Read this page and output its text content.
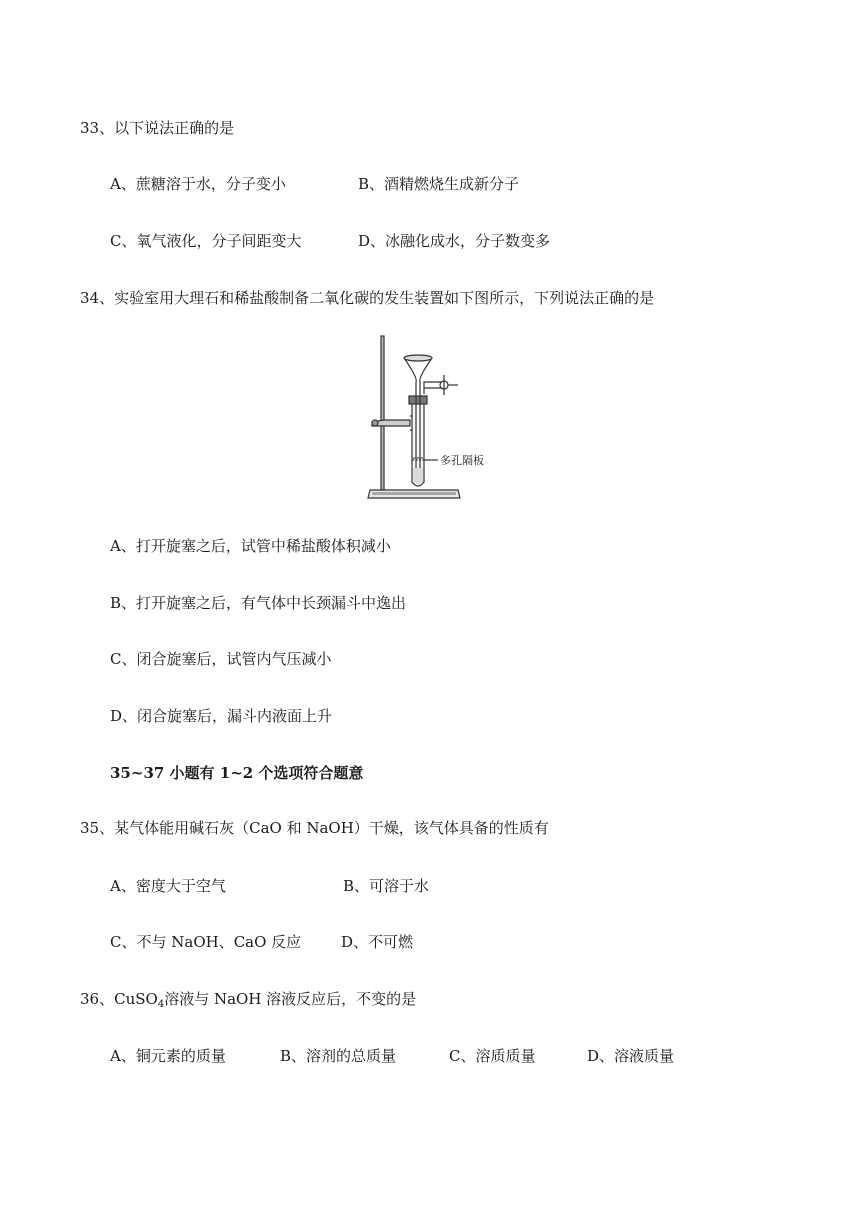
33、以下说法正确的是
A、蔗糖溶于水，分子变小	B、酒精燃烧生成新分子
C、氧气液化，分子间距变大	D、冰融化成水，分子数变多
34、实验室用大理石和稀盐酸制备二氧化碳的发生装置如下图所示，下列说法正确的是
多孔隔板
A、打开旋塞之后，试管中稀盐酸体积减小
B、打开旋塞之后，有气体中长颈漏斗中逸出
C、闭合旋塞后，试管内气压减小
D、闭合旋塞后，漏斗内液面上升
35~37 小题有 1~2 个选项符合题意
35、某气体能用碱石灰（CaO 和 NaOH）干燥，该气体具备的性质有
A、密度大于空气	B、可溶于水
C、不与 NaOH、CaO 反应	D、不可燃
36、CuSO$_4$溶液与 NaOH 溶液反应后，不变的是
A、铜元素的质量	B、溶剂的总质量	C、溶质质量	D、溶液质量
